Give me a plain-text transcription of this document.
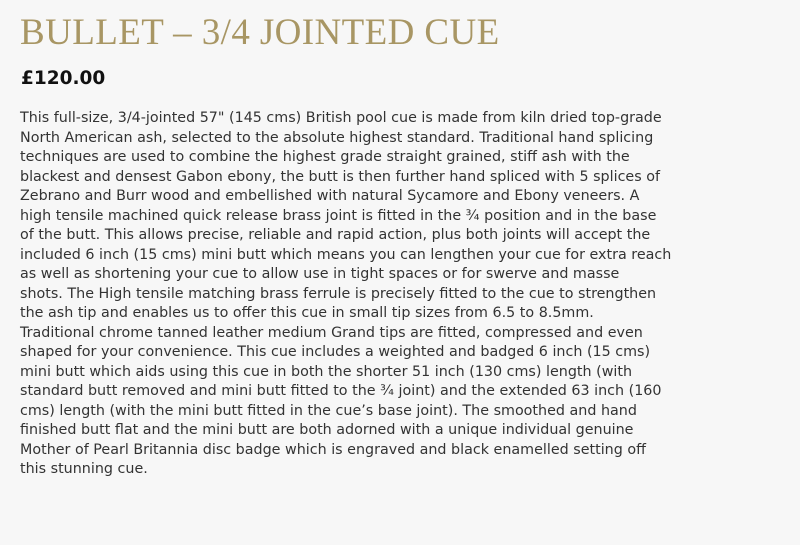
BULLET – 3/4 JOINTED CUE
£120.00

This full-size, 3/4-jointed 57" (145 cms) British pool cue is made from kiln dried top-grade
North American ash, selected to the absolute highest standard. Traditional hand splicing
techniques are used to combine the highest grade straight grained, stiff ash with the
blackest and densest Gabon ebony, the butt is then further hand spliced with 5 splices of
Zebrano and Burr wood and embellished with natural Sycamore and Ebony veneers. A
high tensile machined quick release brass joint is fitted in the ¾ position and in the base
of the butt. This allows precise, reliable and rapid action, plus both joints will accept the
included 6 inch (15 cms) mini butt which means you can lengthen your cue for extra reach
as well as shortening your cue to allow use in tight spaces or for swerve and masse
shots. The High tensile matching brass ferrule is precisely fitted to the cue to strengthen
the ash tip and enables us to offer this cue in small tip sizes from 6.5 to 8.5mm.
Traditional chrome tanned leather medium Grand tips are fitted, compressed and even
shaped for your convenience. This cue includes a weighted and badged 6 inch (15 cms)
mini butt which aids using this cue in both the shorter 51 inch (130 cms) length (with
standard butt removed and mini butt fitted to the ¾ joint) and the extended 63 inch (160
cms) length (with the mini butt fitted in the cue’s base joint). The smoothed and hand
finished butt flat and the mini butt are both adorned with a unique individual genuine
Mother of Pearl Britannia disc badge which is engraved and black enamelled setting off
this stunning cue.
